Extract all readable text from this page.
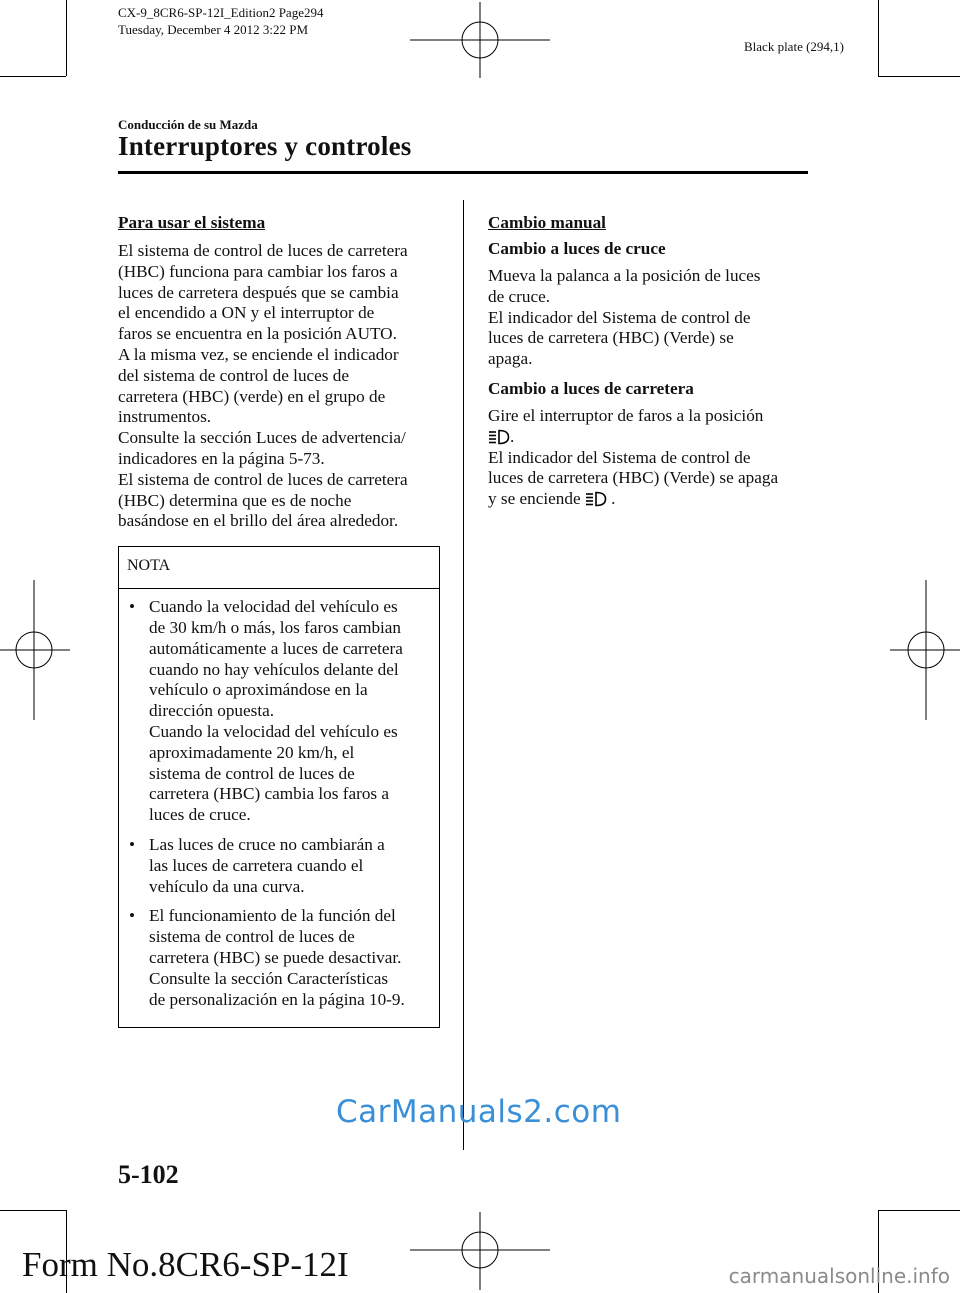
CX-9_8CR6-SP-12I_Edition2 Page294
Tuesday, December 4 2012 3:22 PM
Black plate (294,1)
Conducción de su Mazda
Interruptores y controles
Para usar el sistema
El sistema de control de luces de carretera
(HBC) funciona para cambiar los faros a
luces de carretera después que se cambia
el encendido a ON y el interruptor de
faros se encuentra en la posición AUTO.
A la misma vez, se enciende el indicador
del sistema de control de luces de
carretera (HBC) (verde) en el grupo de
instrumentos.
Consulte la sección Luces de advertencia/
indicadores en la página 5-73.
El sistema de control de luces de carretera
(HBC) determina que es de noche
basándose en el brillo del área alrededor.
NOTA
• Cuando la velocidad del vehículo es
de 30 km/h o más, los faros cambian
automáticamente a luces de carretera
cuando no hay vehículos delante del
vehículo o aproximándose en la
dirección opuesta.
Cuando la velocidad del vehículo es
aproximadamente 20 km/h, el
sistema de control de luces de
carretera (HBC) cambia los faros a
luces de cruce.
• Las luces de cruce no cambiarán a
las luces de carretera cuando el
vehículo da una curva.
• El funcionamiento de la función del
sistema de control de luces de
carretera (HBC) se puede desactivar.
Consulte la sección Características
de personalización en la página 10-9.
Cambio manual
Cambio a luces de cruce
Mueva la palanca a la posición de luces
de cruce.
El indicador del Sistema de control de
luces de carretera (HBC) (Verde) se
apaga.
Cambio a luces de carretera
Gire el interruptor de faros a la posición
.
El indicador del Sistema de control de
luces de carretera (HBC) (Verde) se apaga
y se enciende .
CarManuals2.com
5-102
Form No.8CR6-SP-12I	carmanualsonline.info
